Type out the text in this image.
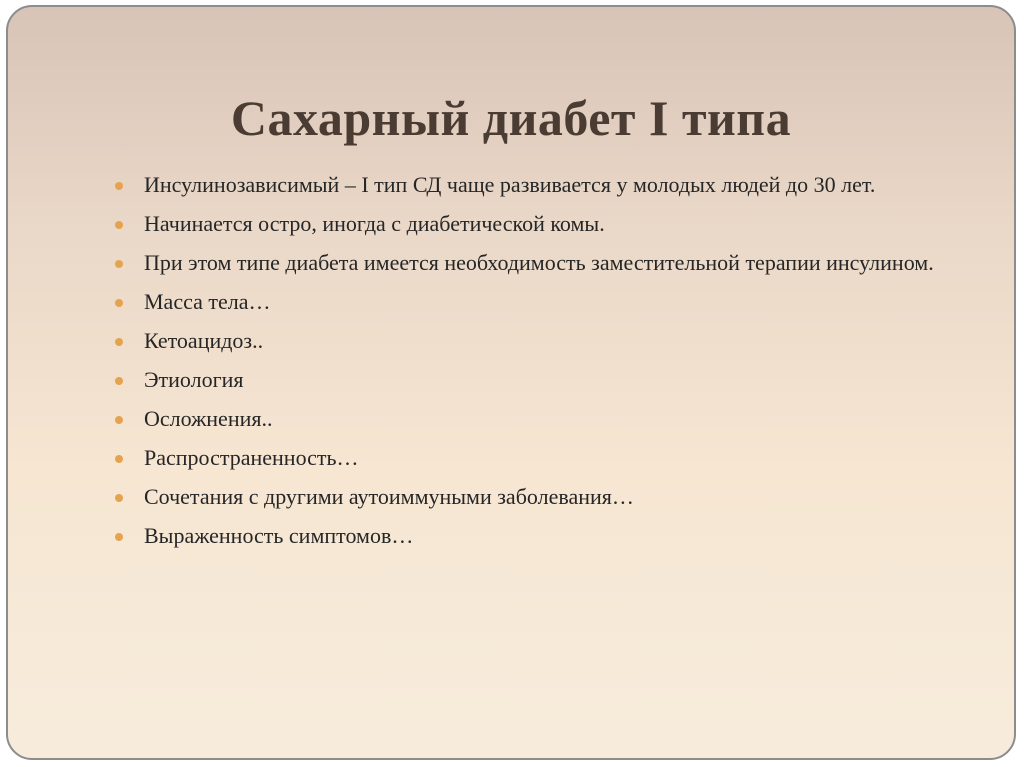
Сахарный диабет I типа
Инсулинозависимый – I тип СД чаще развивается у молодых людей до 30 лет.
Начинается остро, иногда с диабетической комы.
При этом типе диабета имеется необходимость заместительной терапии инсулином.
Масса тела…
Кетоацидоз..
Этиология
Осложнения..
Распространенность…
Сочетания с другими аутоиммуными заболевания…
Выраженность симптомов…
